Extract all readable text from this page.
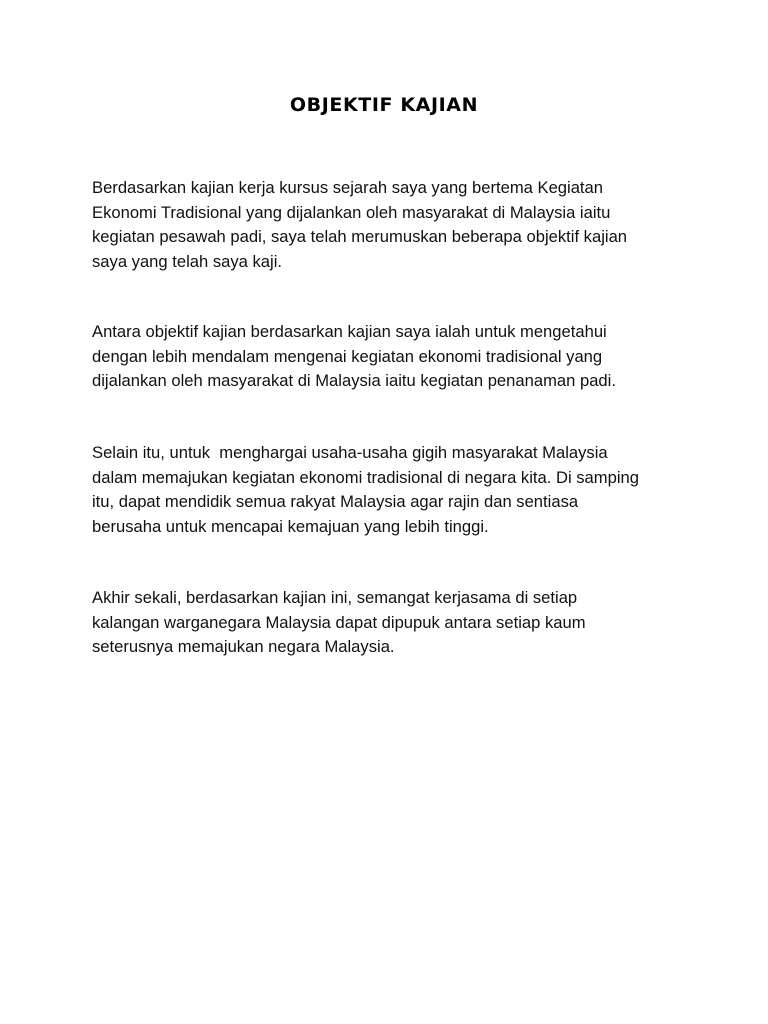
OBJEKTIF KAJIAN

Berdasarkan kajian kerja kursus sejarah saya yang bertema Kegiatan
Ekonomi Tradisional yang dijalankan oleh masyarakat di Malaysia iaitu
kegiatan pesawah padi, saya telah merumuskan beberapa objektif kajian
saya yang telah saya kaji.

Antara objektif kajian berdasarkan kajian saya ialah untuk mengetahui
dengan lebih mendalam mengenai kegiatan ekonomi tradisional yang
dijalankan oleh masyarakat di Malaysia iaitu kegiatan penanaman padi.

Selain itu, untuk  menghargai usaha-usaha gigih masyarakat Malaysia
dalam memajukan kegiatan ekonomi tradisional di negara kita. Di samping
itu, dapat mendidik semua rakyat Malaysia agar rajin dan sentiasa
berusaha untuk mencapai kemajuan yang lebih tinggi.

Akhir sekali, berdasarkan kajian ini, semangat kerjasama di setiap
kalangan warganegara Malaysia dapat dipupuk antara setiap kaum
seterusnya memajukan negara Malaysia.
